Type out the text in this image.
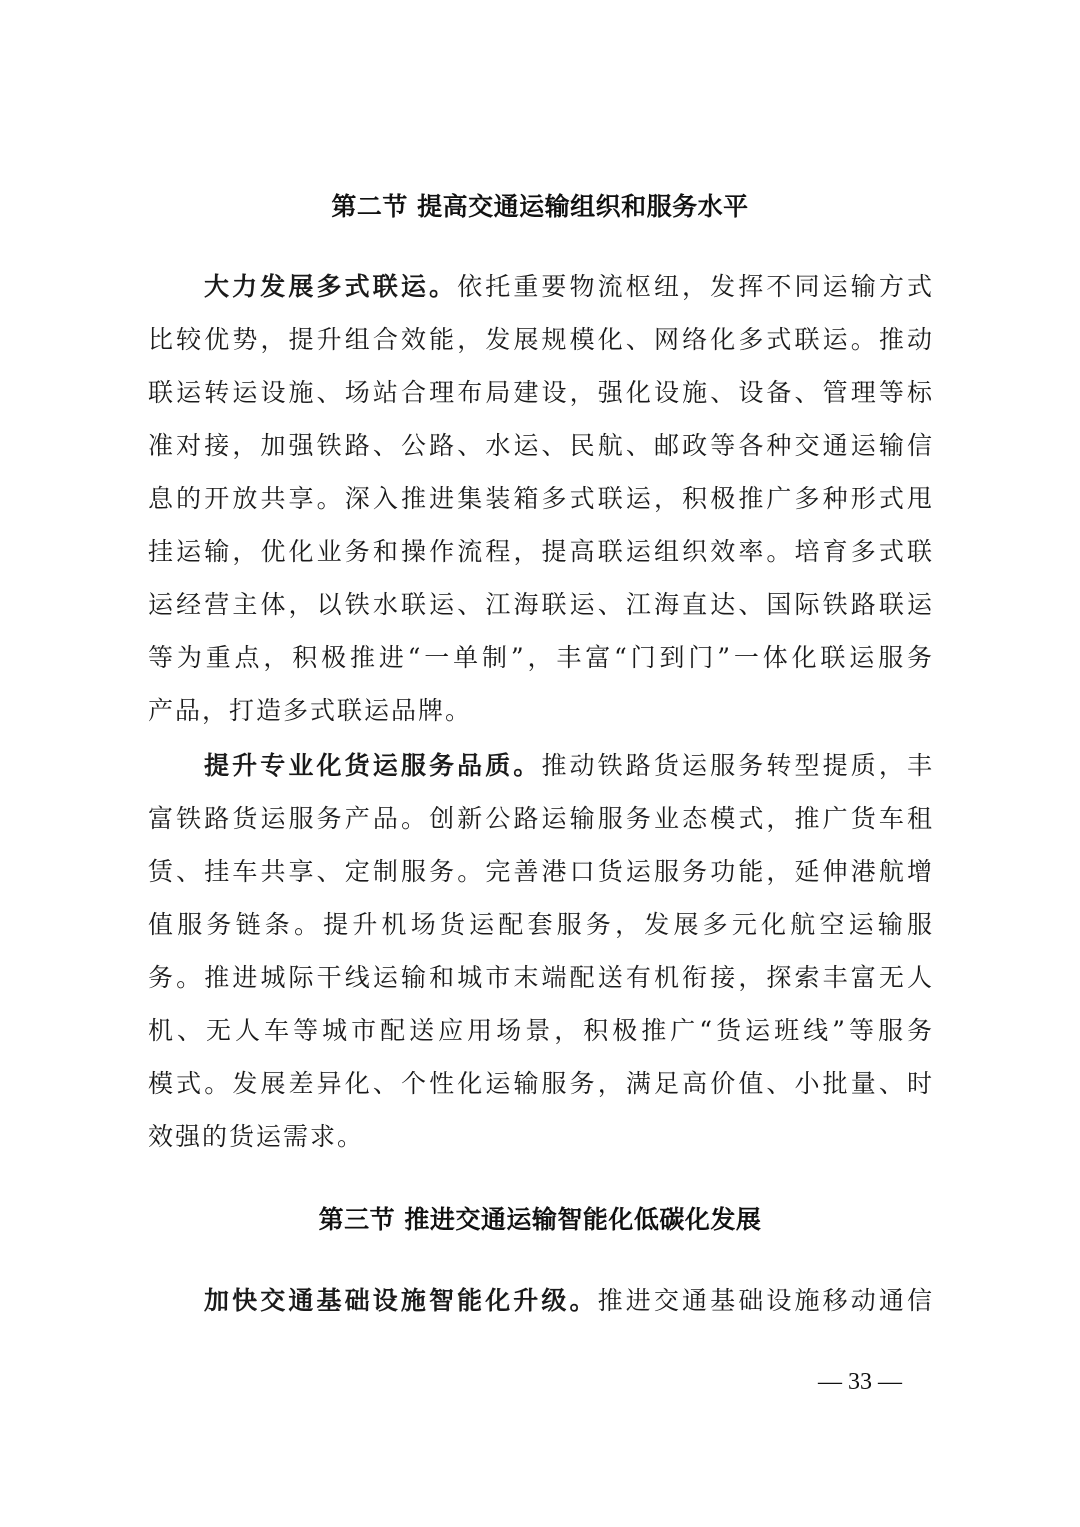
第二节 提高交通运输组织和服务水平
大力发展多式联运。依托重要物流枢纽，发挥不同运输方式
比较优势，提升组合效能，发展规模化、网络化多式联运。推动
联运转运设施、场站合理布局建设，强化设施、设备、管理等标
准对接，加强铁路、公路、水运、民航、邮政等各种交通运输信
息的开放共享。深入推进集装箱多式联运，积极推广多种形式甩
挂运输，优化业务和操作流程，提高联运组织效率。培育多式联
运经营主体，以铁水联运、江海联运、江海直达、国际铁路联运
等为重点，积极推进“一单制”，丰富“门到门”一体化联运服务
产品，打造多式联运品牌。
提升专业化货运服务品质。推动铁路货运服务转型提质，丰
富铁路货运服务产品。创新公路运输服务业态模式，推广货车租
赁、挂车共享、定制服务。完善港口货运服务功能，延伸港航增
值服务链条。提升机场货运配套服务，发展多元化航空运输服
务。推进城际干线运输和城市末端配送有机衔接，探索丰富无人
机、无人车等城市配送应用场景，积极推广“货运班线”等服务
模式。发展差异化、个性化运输服务，满足高价值、小批量、时
效强的货运需求。
第三节 推进交通运输智能化低碳化发展
加快交通基础设施智能化升级。推进交通基础设施移动通信
— 33 —
